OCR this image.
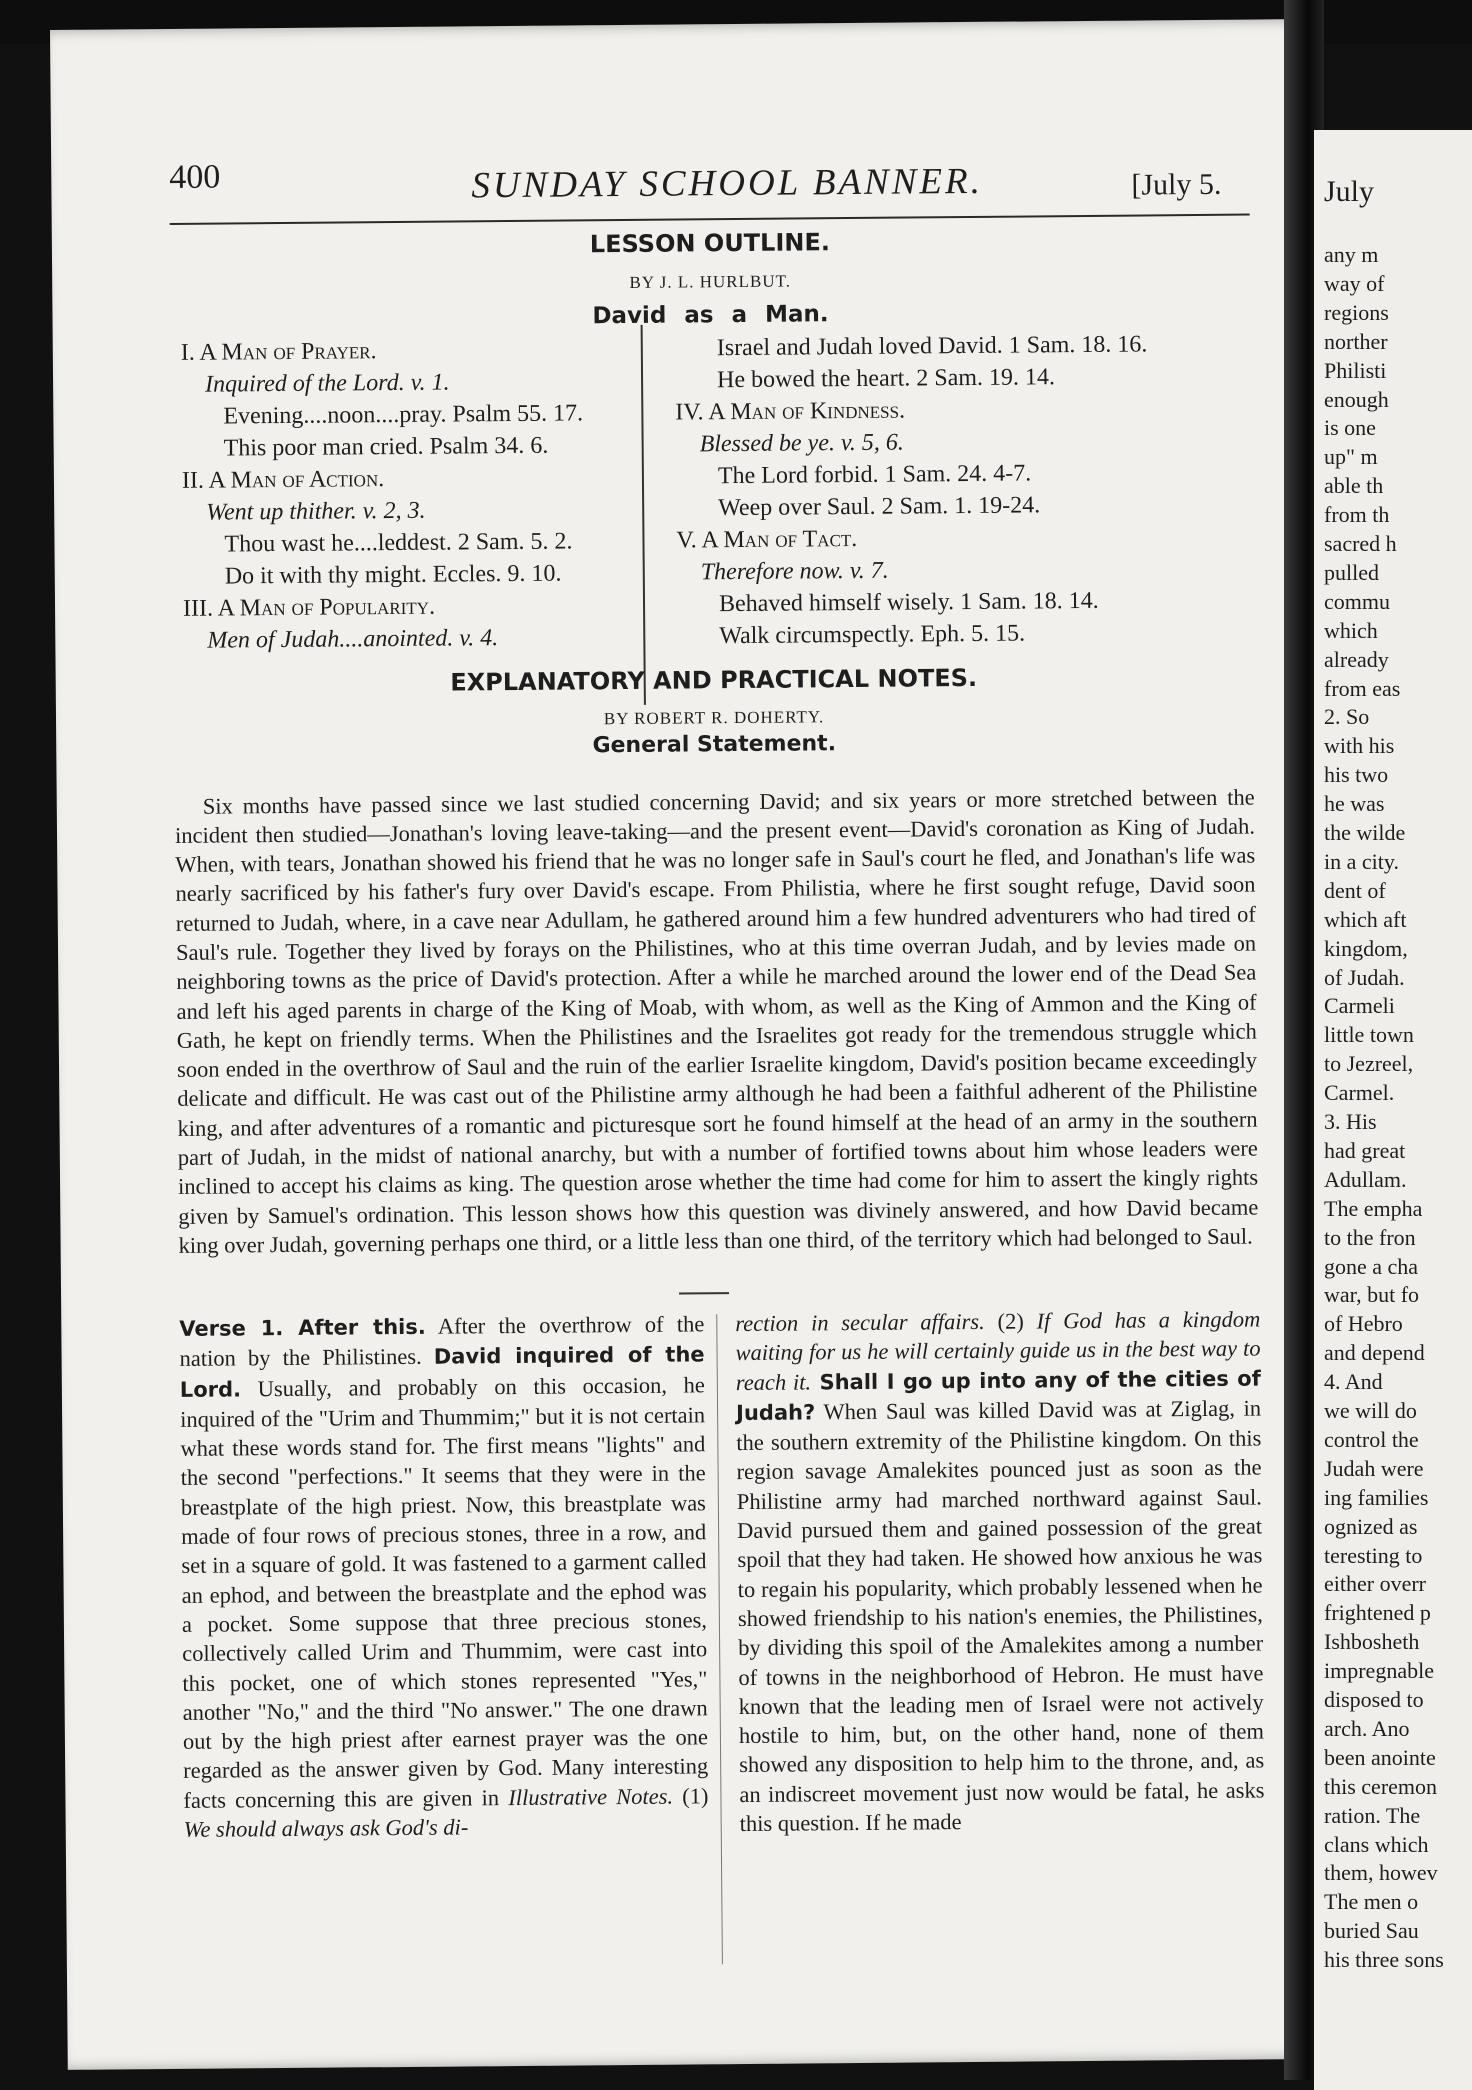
400	SUNDAY SCHOOL BANNER.	[July 5.
LESSON OUTLINE.
BY J. L. HURLBUT.
David as a Man.
I. A Man of Prayer.
Inquired of the Lord. v. 1.
Evening....noon....pray. Psalm 55. 17.
This poor man cried. Psalm 34. 6.
II. A Man of Action.
Went up thither. v. 2, 3.
Thou wast he....leddest. 2 Sam. 5. 2.
Do it with thy might. Eccles. 9. 10.
III. A Man of Popularity.
Men of Judah....anointed. v. 4.
Israel and Judah loved David. 1 Sam. 18. 16.
He bowed the heart. 2 Sam. 19. 14.
IV. A Man of Kindness.
Blessed be ye. v. 5, 6.
The Lord forbid. 1 Sam. 24. 4-7.
Weep over Saul. 2 Sam. 1. 19-24.
V. A Man of Tact.
Therefore now. v. 7.
Behaved himself wisely. 1 Sam. 18. 14.
Walk circumspectly. Eph. 5. 15.
EXPLANATORY AND PRACTICAL NOTES.
BY ROBERT R. DOHERTY.
General Statement.

Six months have passed since we last studied concerning David; and six years or more stretched between the incident then studied—Jonathan's loving leave-taking—and the present event—David's coronation as King of Judah. When, with tears, Jonathan showed his friend that he was no longer safe in Saul's court he fled, and Jonathan's life was nearly sacrificed by his father's fury over David's escape. From Philistia, where he first sought refuge, David soon returned to Judah, where, in a cave near Adullam, he gathered around him a few hundred adventurers who had tired of Saul's rule. Together they lived by forays on the Philistines, who at this time overran Judah, and by levies made on neighboring towns as the price of David's protection. After a while he marched around the lower end of the Dead Sea and left his aged parents in charge of the King of Moab, with whom, as well as the King of Ammon and the King of Gath, he kept on friendly terms. When the Philistines and the Israelites got ready for the tremendous struggle which soon ended in the overthrow of Saul and the ruin of the earlier Israelite kingdom, David's position became exceedingly delicate and difficult. He was cast out of the Philistine army although he had been a faithful adherent of the Philistine king, and after adventures of a romantic and picturesque sort he found himself at the head of an army in the southern part of Judah, in the midst of national anarchy, but with a number of fortified towns about him whose leaders were inclined to accept his claims as king. The question arose whether the time had come for him to assert the kingly rights given by Samuel's ordination. This lesson shows how this question was divinely answered, and how David became king over Judah, governing perhaps one third, or a little less than one third, of the territory which had belonged to Saul.

Verse 1. After this. After the overthrow of the nation by the Philistines. David inquired of the Lord. Usually, and probably on this occasion, he inquired of the "Urim and Thummim;" but it is not certain what these words stand for. The first means "lights" and the second "perfections." It seems that they were in the breastplate of the high priest. Now, this breastplate was made of four rows of precious stones, three in a row, and set in a square of gold. It was fastened to a garment called an ephod, and between the breastplate and the ephod was a pocket. Some suppose that three precious stones, collectively called Urim and Thummim, were cast into this pocket, one of which stones represented "Yes," another "No," and the third "No answer." The one drawn out by the high priest after earnest prayer was the one regarded as the answer given by God. Many interesting facts concerning this are given in Illustrative Notes. (1) We should always ask God's di-
rection in secular affairs. (2) If God has a kingdom waiting for us he will certainly guide us in the best way to reach it. Shall I go up into any of the cities of Judah? When Saul was killed David was at Ziglag, in the southern extremity of the Philistine kingdom. On this region savage Amalekites pounced just as soon as the Philistine army had marched northward against Saul. David pursued them and gained possession of the great spoil that they had taken. He showed how anxious he was to regain his popularity, which probably lessened when he showed friendship to his nation's enemies, the Philistines, by dividing this spoil of the Amalekites among a number of towns in the neighborhood of Hebron. He must have known that the leading men of Israel were not actively hostile to him, but, on the other hand, none of them showed any disposition to help him to the throne, and, as an indiscreet movement just now would be fatal, he asks this question. If he made
July
any m
way of
regions
norther
Philisti
enough
is one
up" m
able th
from th
sacred h
pulled
commu
which
already
from eas
2. So
with his
his two
he was
the wilde
in a city.
dent of
which aft
kingdom,
of Judah.
Carmeli
little town
to Jezreel,
Carmel.
3. His
had great
Adullam.
The empha
to the fron
gone a cha
war, but fo
of Hebro
and depend
4. And
we will do
control the
Judah were
ing families
ognized as
teresting to
either overr
frightened p
Ishbosheth
impregnable
disposed to
arch. Ano
been anointe
this ceremon
ration. The
clans which
them, howev
The men o
buried Sau
his three sons
